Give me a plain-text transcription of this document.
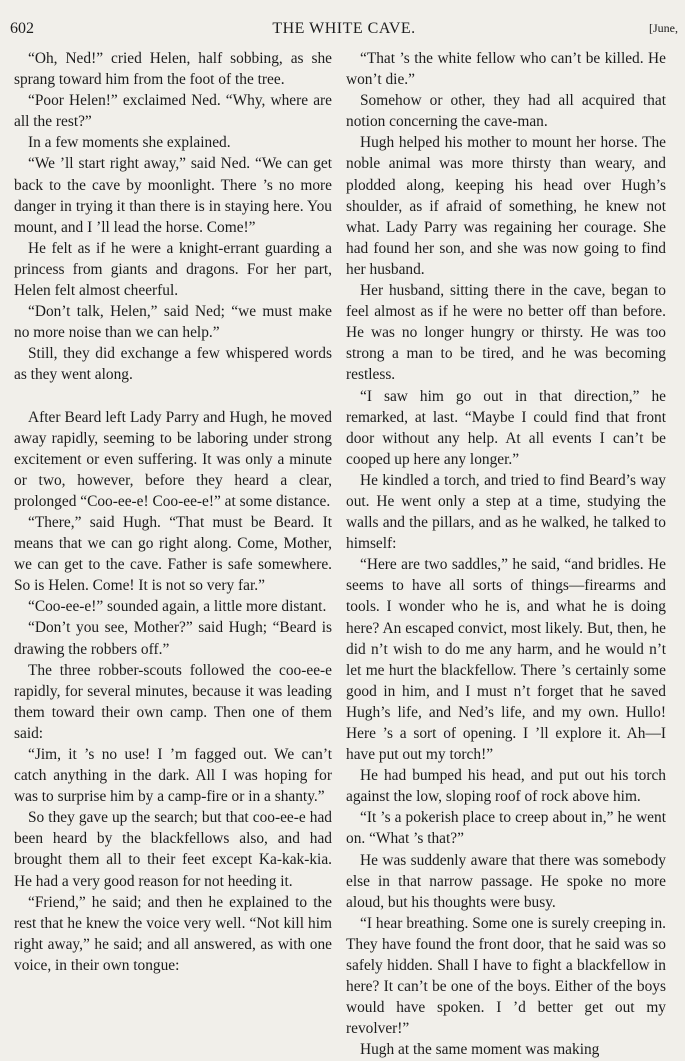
602	THE WHITE CAVE.	[June,

“Oh, Ned!” cried Helen, half sobbing, as she sprang toward him from the foot of the tree.

“Poor Helen!” exclaimed Ned. “Why, where are all the rest?”

In a few moments she explained.

“We ’ll start right away,” said Ned. “We can get back to the cave by moonlight. There ’s no more danger in trying it than there is in staying here. You mount, and I ’ll lead the horse. Come!”

He felt as if he were a knight-errant guarding a princess from giants and dragons. For her part, Helen felt almost cheerful.

“Don’t talk, Helen,” said Ned; “we must make no more noise than we can help.”

Still, they did exchange a few whispered words as they went along.

After Beard left Lady Parry and Hugh, he moved away rapidly, seeming to be laboring under strong excitement or even suffering. It was only a minute or two, however, before they heard a clear, prolonged “Coo-ee-e! Coo-ee-e!” at some distance.

“There,” said Hugh. “That must be Beard. It means that we can go right along. Come, Mother, we can get to the cave. Father is safe somewhere. So is Helen. Come! It is not so very far.”

“Coo-ee-e!” sounded again, a little more distant.

“Don’t you see, Mother?” said Hugh; “Beard is drawing the robbers off.”

The three robber-scouts followed the coo-ee-e rapidly, for several minutes, because it was leading them toward their own camp. Then one of them said:

“Jim, it ’s no use! I ’m fagged out. We can’t catch anything in the dark. All I was hoping for was to surprise him by a camp-fire or in a shanty.”

So they gave up the search; but that coo-ee-e had been heard by the blackfellows also, and had brought them all to their feet except Ka-kak-kia. He had a very good reason for not heeding it.

“Friend,” he said; and then he explained to the rest that he knew the voice very well. “Not kill him right away,” he said; and all answered, as with one voice, in their own tongue:

“That ’s the white fellow who can’t be killed. He won’t die.”

Somehow or other, they had all acquired that notion concerning the cave-man.

Hugh helped his mother to mount her horse. The noble animal was more thirsty than weary, and plodded along, keeping his head over Hugh’s shoulder, as if afraid of something, he knew not what. Lady Parry was regaining her courage. She had found her son, and she was now going to find her husband.

Her husband, sitting there in the cave, began to feel almost as if he were no better off than before. He was no longer hungry or thirsty. He was too strong a man to be tired, and he was becoming restless.

“I saw him go out in that direction,” he remarked, at last. “Maybe I could find that front door without any help. At all events I can’t be cooped up here any longer.”

He kindled a torch, and tried to find Beard’s way out. He went only a step at a time, studying the walls and the pillars, and as he walked, he talked to himself:

“Here are two saddles,” he said, “and bridles. He seems to have all sorts of things—firearms and tools. I wonder who he is, and what he is doing here? An escaped convict, most likely. But, then, he did n’t wish to do me any harm, and he would n’t let me hurt the blackfellow. There ’s certainly some good in him, and I must n’t forget that he saved Hugh’s life, and Ned’s life, and my own. Hullo! Here ’s a sort of opening. I ’ll explore it. Ah—I have put out my torch!”

He had bumped his head, and put out his torch against the low, sloping roof of rock above him.

“It ’s a pokerish place to creep about in,” he went on. “What ’s that?”

He was suddenly aware that there was somebody else in that narrow passage. He spoke no more aloud, but his thoughts were busy.

“I hear breathing. Some one is surely creeping in. They have found the front door, that he said was so safely hidden. Shall I have to fight a blackfellow in here? It can’t be one of the boys. Either of the boys would have spoken. I ’d better get out my revolver!”

Hugh at the same moment was making
